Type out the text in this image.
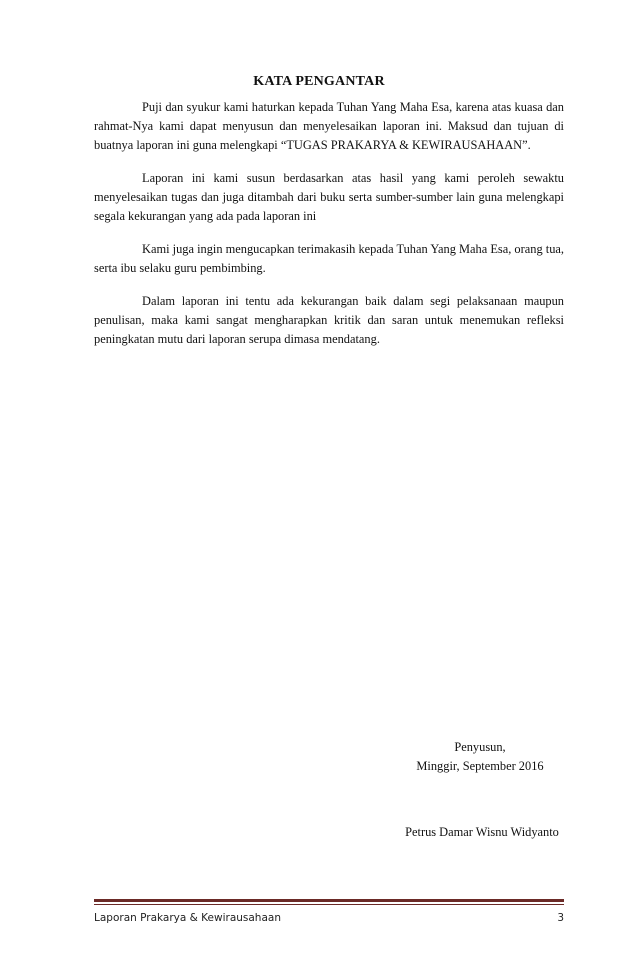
KATA PENGANTAR

Puji dan syukur kami haturkan kepada Tuhan Yang Maha Esa, karena atas kuasa dan rahmat-Nya kami dapat menyusun dan menyelesaikan laporan ini. Maksud dan tujuan di buatnya laporan ini guna melengkapi “TUGAS PRAKARYA & KEWIRAUSAHAAN”.

Laporan ini kami susun berdasarkan atas hasil yang kami peroleh sewaktu menyelesaikan tugas dan juga ditambah dari buku serta sumber-sumber lain guna melengkapi segala kekurangan yang ada pada laporan ini

Kami juga ingin mengucapkan terimakasih kepada Tuhan Yang Maha Esa, orang tua, serta ibu selaku guru pembimbing.

Dalam laporan ini tentu ada kekurangan baik dalam segi pelaksanaan maupun penulisan, maka kami sangat mengharapkan kritik dan saran untuk menemukan refleksi peningkatan mutu dari laporan serupa dimasa mendatang.

Penyusun,
Minggir, September 2016
Petrus Damar Wisnu Widyanto
Laporan Prakarya & Kewirausahaan	3
